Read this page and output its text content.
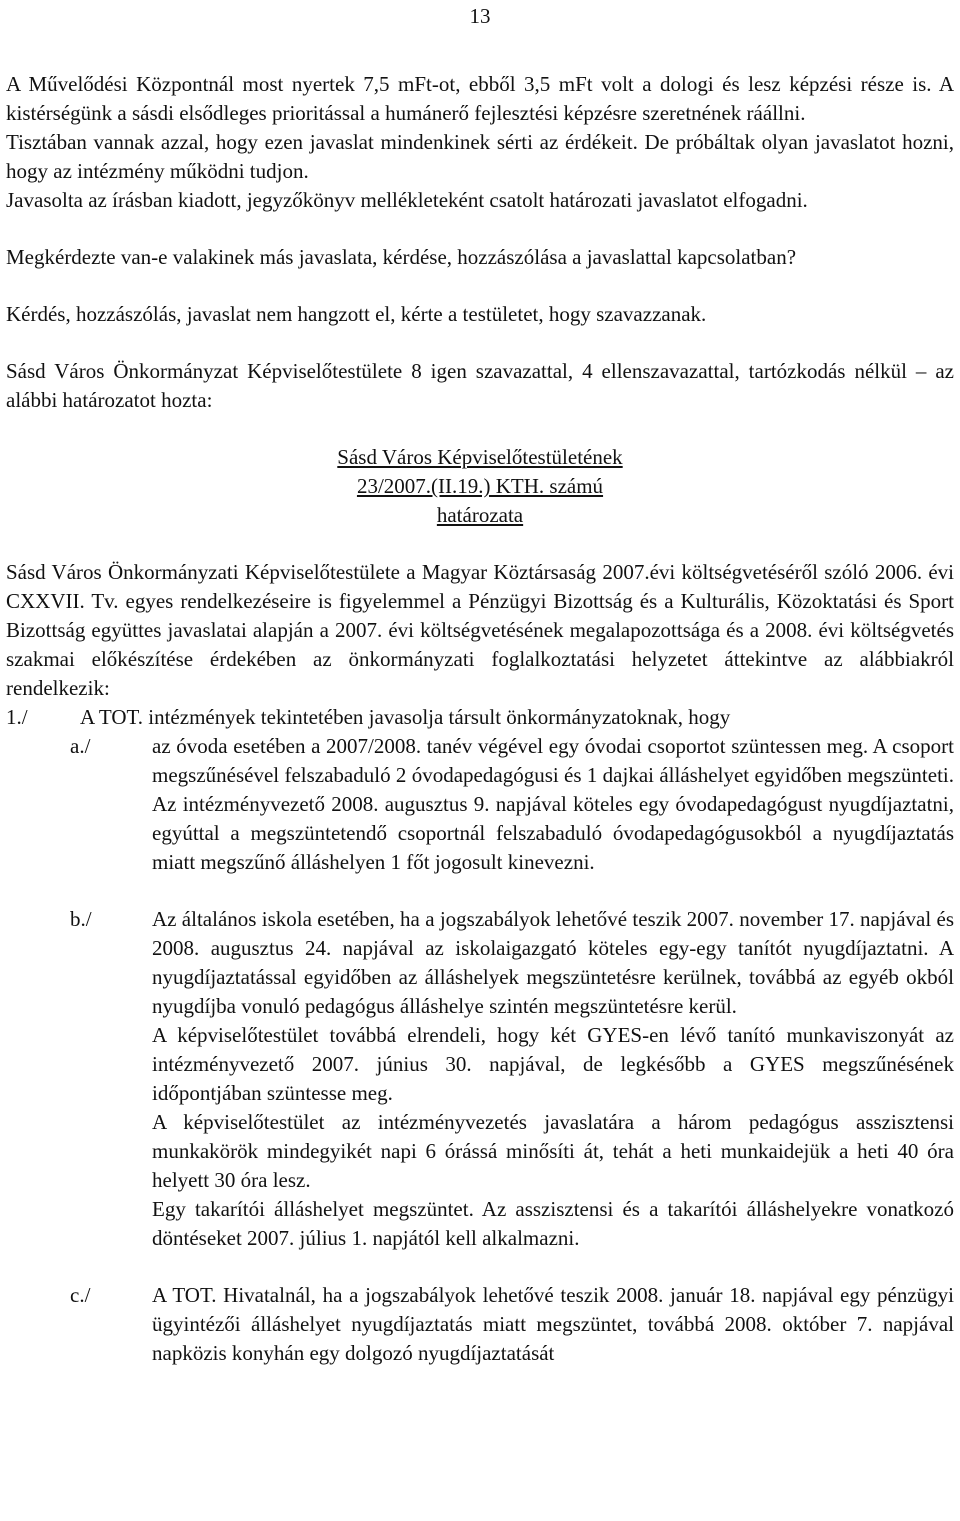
13

A Művelődési Központnál most nyertek 7,5 mFt-ot, ebből 3,5 mFt volt a dologi és lesz képzési része is. A kistérségünk a sásdi elsődleges prioritással a humánerő fejlesztési képzésre szeretnének ráállni.

Tisztában vannak azzal, hogy ezen javaslat mindenkinek sérti az érdékeit. De próbáltak olyan javaslatot hozni, hogy az intézmény működni tudjon.

Javasolta az írásban kiadott, jegyzőkönyv mellékleteként csatolt határozati javaslatot elfogadni.

Megkérdezte van-e valakinek más javaslata, kérdése, hozzászólása a javaslattal kapcsolatban?

Kérdés, hozzászólás, javaslat nem hangzott el, kérte a testületet, hogy szavazzanak.

Sásd Város Önkormányzat Képviselőtestülete 8 igen szavazattal, 4 ellenszavazattal, tartózkodás nélkül – az alábbi határozatot hozta:

Sásd Város Képviselőtestületének
23/2007.(II.19.) KTH. számú
határozata

Sásd Város Önkormányzati Képviselőtestülete a Magyar Köztársaság 2007.évi költségvetéséről szóló 2006. évi CXXVII. Tv. egyes rendelkezéseire is figyelemmel a Pénzügyi Bizottság és a Kulturális, Közoktatási és Sport Bizottság együttes javaslatai alapján a 2007. évi költségvetésének megalapozottsága és a 2008. évi költségvetés szakmai előkészítése érdekében az önkormányzati foglalkoztatási helyzetet áttekintve az alábbiakról rendelkezik:

1./	A TOT. intézmények tekintetében javasolja társult önkormányzatoknak, hogy
a./	az óvoda esetében a 2007/2008. tanév végével egy óvodai csoportot szüntessen meg. A csoport megszűnésével felszabaduló 2 óvodapedagógusi és 1 dajkai álláshelyet egyidőben megszünteti. Az intézményvezető 2008. augusztus 9. napjával köteles egy óvodapedagógust nyugdíjaztatni, egyúttal a megszüntetendő csoportnál felszabaduló óvodapedagógusokból a nyugdíjaztatás miatt megszűnő álláshelyen 1 főt jogosult kinevezni.

b./	Az általános iskola esetében, ha a jogszabályok lehetővé teszik 2007. november 17. napjával és 2008. augusztus 24. napjával az iskolaigazgató köteles egy-egy tanítót nyugdíjaztatni. A nyugdíjaztatással egyidőben az álláshelyek megszüntetésre kerülnek, továbbá az egyéb okból nyugdíjba vonuló pedagógus álláshelye szintén megszüntetésre kerül.

A képviselőtestület továbbá elrendeli, hogy két GYES-en lévő tanító munkaviszonyát az intézményvezető 2007. június 30. napjával, de legkésőbb a GYES megszűnésének időpontjában szüntesse meg.

A képviselőtestület az intézményvezetés javaslatára a három pedagógus asszisztensi munkakörök mindegyikét napi 6 órássá minősíti át, tehát a heti munkaidejük a heti 40 óra helyett 30 óra lesz.

Egy takarítói álláshelyet megszüntet. Az asszisztensi és a takarítói álláshelyekre vonatkozó döntéseket 2007. július 1. napjától kell alkalmazni.

c./	A TOT. Hivatalnál, ha a jogszabályok lehetővé teszik 2008. január 18. napjával egy pénzügyi ügyintézői álláshelyet nyugdíjaztatás miatt megszüntet, továbbá 2008. október 7. napjával napközis konyhán egy dolgozó nyugdíjaztatását
